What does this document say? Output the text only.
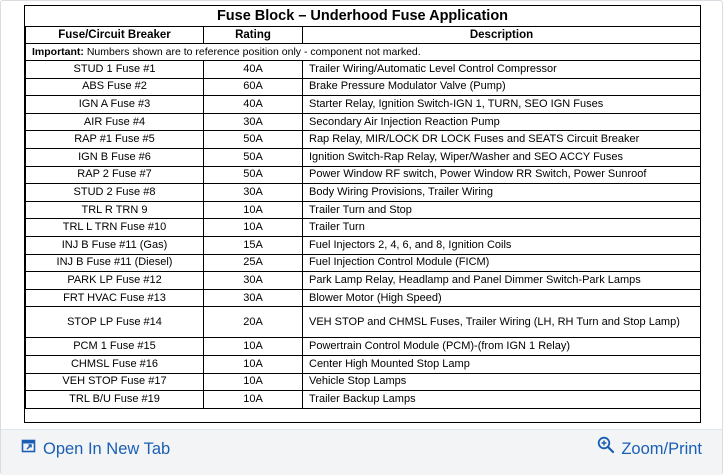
Fuse Block – Underhood Fuse Application
Fuse/Circuit Breaker	Rating	Description
Important: Numbers shown are to reference position only - component not marked.		
STUD 1 Fuse #1	40A	Trailer Wiring/Automatic Level Control Compressor
ABS Fuse #2	60A	Brake Pressure Modulator Valve (Pump)
IGN A Fuse #3	40A	Starter Relay, Ignition Switch-IGN 1, TURN, SEO IGN Fuses
AIR Fuse #4	30A	Secondary Air Injection Reaction Pump
RAP #1 Fuse #5	50A	Rap Relay, MIR/LOCK DR LOCK Fuses and SEATS Circuit Breaker
IGN B Fuse #6	50A	Ignition Switch-Rap Relay, Wiper/Washer and SEO ACCY Fuses
RAP 2 Fuse #7	50A	Power Window RF switch, Power Window RR Switch, Power Sunroof
STUD 2 Fuse #8	30A	Body Wiring Provisions, Trailer Wiring
TRL R TRN 9	10A	Trailer Turn and Stop
TRL L TRN Fuse #10	10A	Trailer Turn
INJ B Fuse #11 (Gas)	15A	Fuel Injectors 2, 4, 6, and 8, Ignition Coils
INJ B Fuse #11 (Diesel)	25A	Fuel Injection Control Module (FICM)
PARK LP Fuse #12	30A	Park Lamp Relay, Headlamp and Panel Dimmer Switch-Park Lamps
FRT HVAC Fuse #13	30A	Blower Motor (High Speed)
STOP LP Fuse #14	20A	VEH STOP and CHMSL Fuses, Trailer Wiring (LH, RH Turn and Stop Lamp)
PCM 1 Fuse #15	10A	Powertrain Control Module (PCM)-(from IGN 1 Relay)
CHMSL Fuse #16	10A	Center High Mounted Stop Lamp
VEH STOP Fuse #17	10A	Vehicle Stop Lamps
TRL B/U Fuse #19	10A	Trailer Backup Lamps
Open In New Tab	Zoom/Print
